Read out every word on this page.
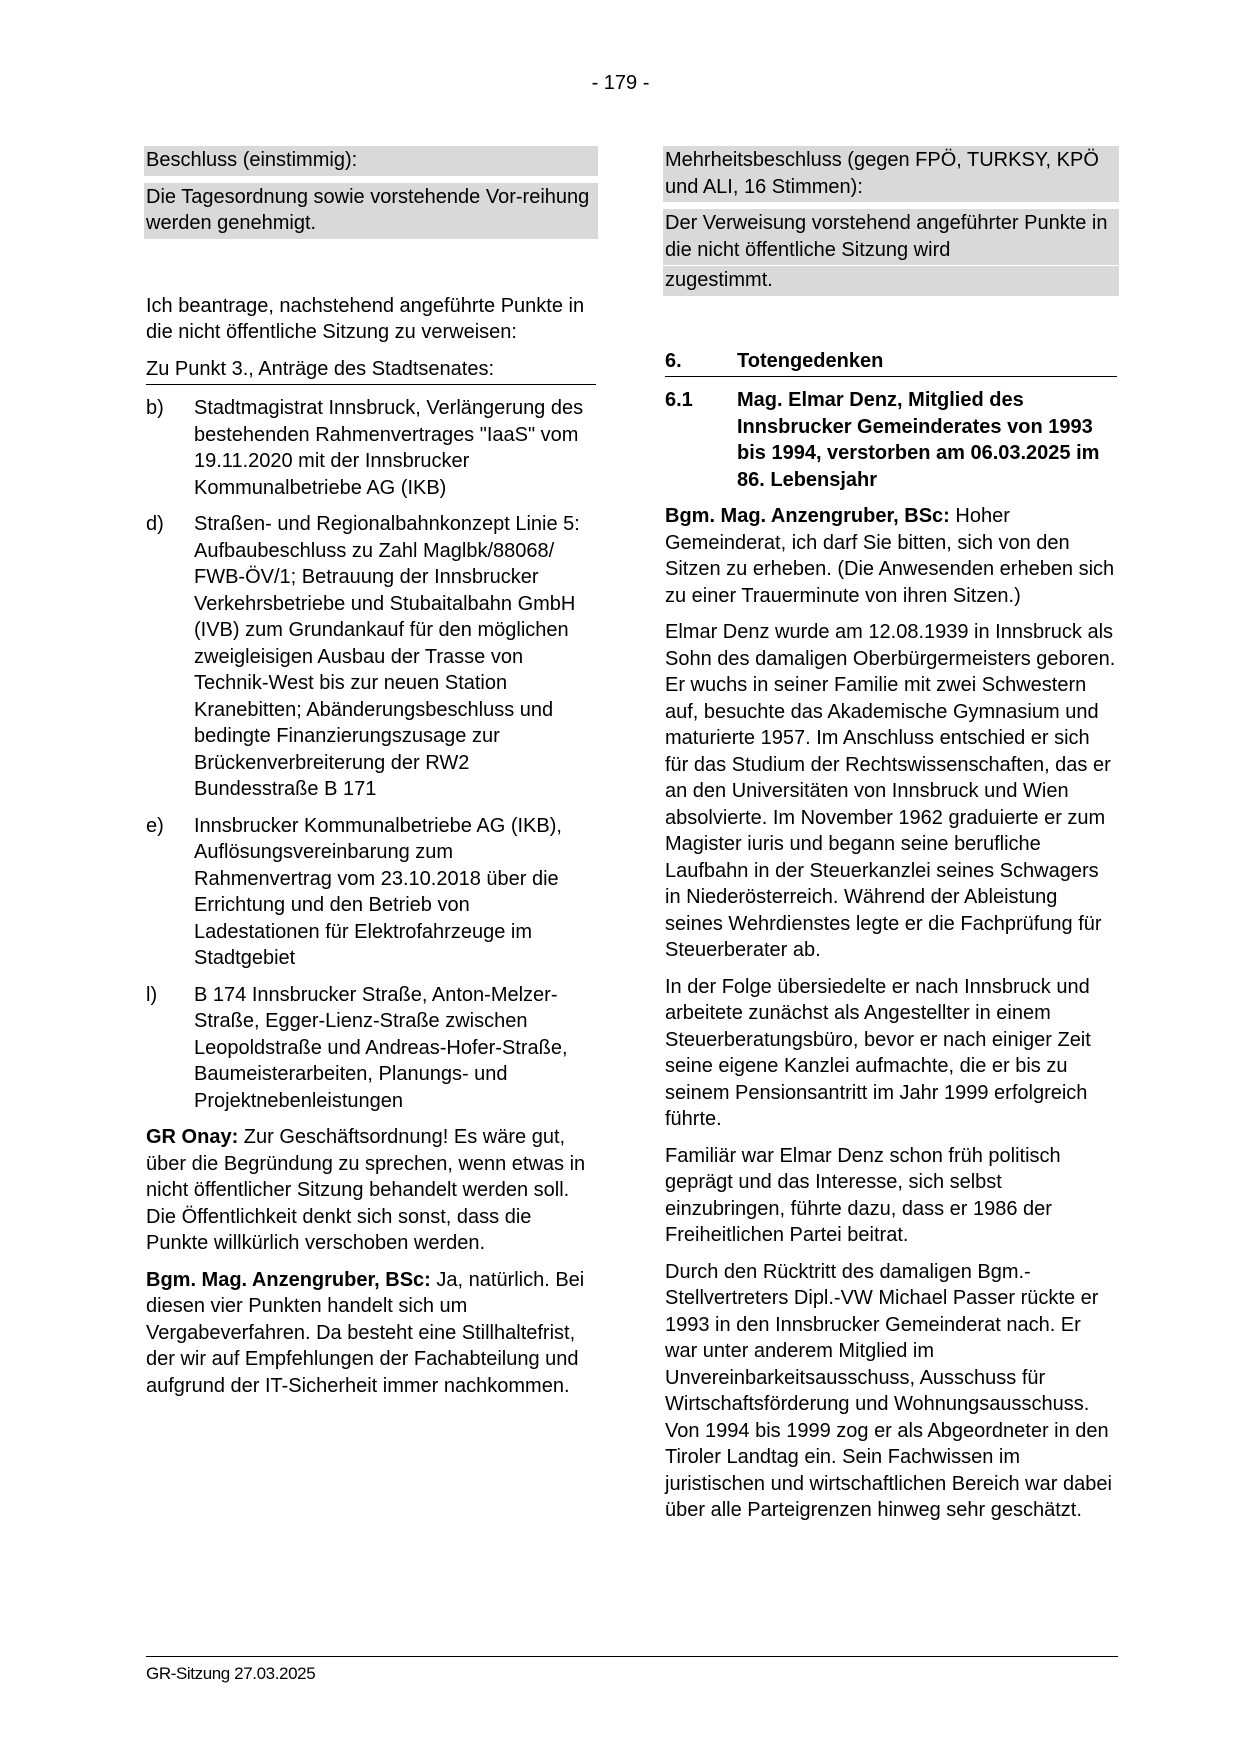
- 179 -
Beschluss (einstimmig):
Die Tagesordnung sowie vorstehende Vor-reihung werden genehmigt.

Ich beantrage, nachstehend angeführte Punkte in die nicht öffentliche Sitzung zu verweisen:

Zu Punkt 3., Anträge des Stadtsenates:
b)	Stadtmagistrat Innsbruck, Verlängerung des bestehenden Rahmenvertrages "IaaS" vom 19.11.2020 mit der Innsbrucker Kommunalbetriebe AG (IKB)
d)	Straßen- und Regionalbahnkonzept Linie 5: Aufbaubeschluss zu Zahl Maglbk/88068/ FWB-ÖV/1; Betrauung der Innsbrucker Verkehrsbetriebe und Stubaitalbahn GmbH (IVB) zum Grundankauf für den möglichen zweigleisigen Ausbau der Trasse von Technik-West bis zur neuen Station Kranebitten; Abänderungsbeschluss und bedingte Finanzierungszusage zur Brückenverbreiterung der RW2 Bundesstraße B 171
e)	Innsbrucker Kommunalbetriebe AG (IKB), Auflösungsvereinbarung zum Rahmenvertrag vom 23.10.2018 über die Errichtung und den Betrieb von Ladestationen für Elektrofahrzeuge im Stadtgebiet
l)	B 174 Innsbrucker Straße, Anton-Melzer-Straße, Egger-Lienz-Straße zwischen Leopoldstraße und Andreas-Hofer-Straße, Baumeisterarbeiten, Planungs- und Projektnebenleistungen

GR Onay: Zur Geschäftsordnung! Es wäre gut, über die Begründung zu sprechen, wenn etwas in nicht öffentlicher Sitzung behandelt werden soll. Die Öffentlichkeit denkt sich sonst, dass die Punkte willkürlich verschoben werden.

Bgm. Mag. Anzengruber, BSc: Ja, natürlich. Bei diesen vier Punkten handelt sich um Vergabeverfahren. Da besteht eine Stillhaltefrist, der wir auf Empfehlungen der Fachabteilung und aufgrund der IT-Sicherheit immer nachkommen.

Mehrheitsbeschluss (gegen FPÖ, TURKSY, KPÖ und ALI, 16 Stimmen):
Der Verweisung vorstehend angeführter Punkte in die nicht öffentliche Sitzung wird
zugestimmt.
6.	Totengedenken
6.1	Mag. Elmar Denz, Mitglied des Innsbrucker Gemeinderates von 1993 bis 1994, verstorben am 06.03.2025 im 86. Lebensjahr

Bgm. Mag. Anzengruber, BSc: Hoher Gemeinderat, ich darf Sie bitten, sich von den Sitzen zu erheben. (Die Anwesenden erheben sich zu einer Trauerminute von ihren Sitzen.)

Elmar Denz wurde am 12.08.1939 in Innsbruck als Sohn des damaligen Oberbürgermeisters geboren. Er wuchs in seiner Familie mit zwei Schwestern auf, besuchte das Akademische Gymnasium und maturierte 1957. Im Anschluss entschied er sich für das Studium der Rechtswissenschaften, das er an den Universitäten von Innsbruck und Wien absolvierte. Im November 1962 graduierte er zum Magister iuris und begann seine berufliche Laufbahn in der Steuerkanzlei seines Schwagers in Niederösterreich. Während der Ableistung seines Wehrdienstes legte er die Fachprüfung für Steuerberater ab.

In der Folge übersiedelte er nach Innsbruck und arbeitete zunächst als Angestellter in einem Steuerberatungsbüro, bevor er nach einiger Zeit seine eigene Kanzlei aufmachte, die er bis zu seinem Pensionsantritt im Jahr 1999 erfolgreich führte.

Familiär war Elmar Denz schon früh politisch geprägt und das Interesse, sich selbst einzubringen, führte dazu, dass er 1986 der Freiheitlichen Partei beitrat.

Durch den Rücktritt des damaligen Bgm.-Stellvertreters Dipl.-VW Michael Passer rückte er 1993 in den Innsbrucker Gemeinderat nach. Er war unter anderem Mitglied im Unvereinbarkeitsausschuss, Ausschuss für Wirtschaftsförderung und Wohnungsausschuss. Von 1994 bis 1999 zog er als Abgeordneter in den Tiroler Landtag ein. Sein Fachwissen im juristischen und wirtschaftlichen Bereich war dabei über alle Parteigrenzen hinweg sehr geschätzt.

GR-Sitzung 27.03.2025
